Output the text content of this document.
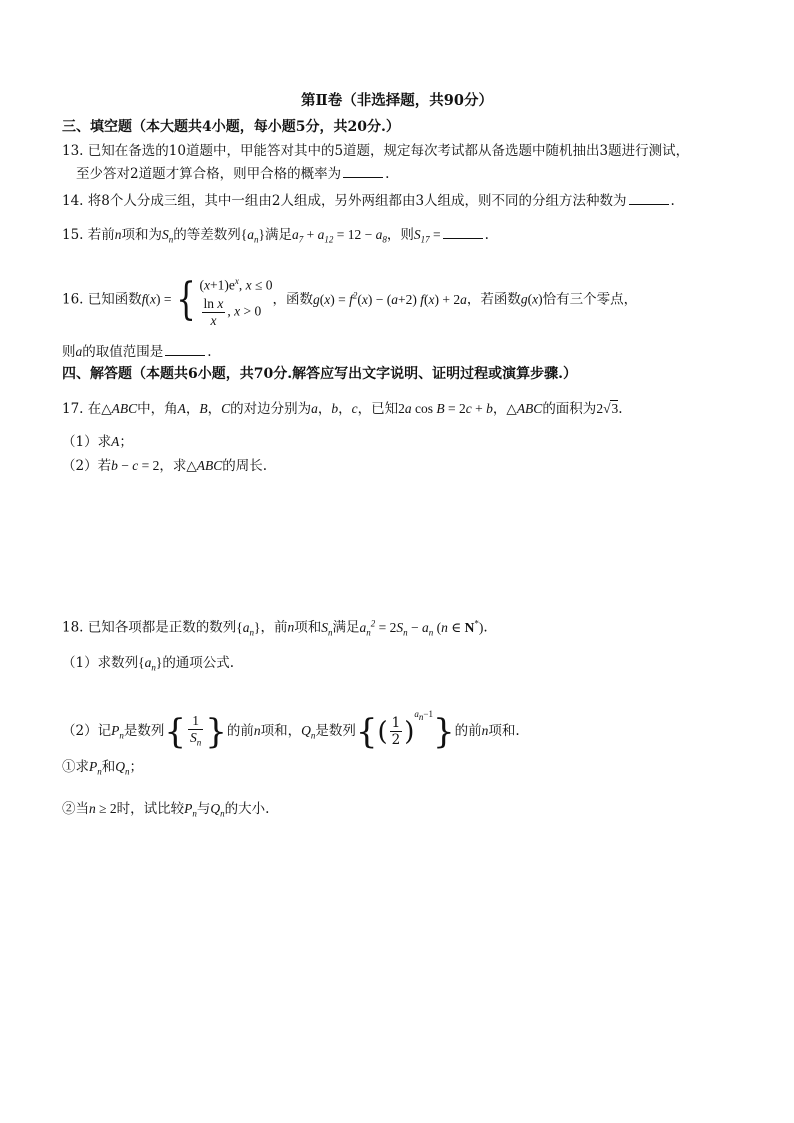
第Ⅱ卷（非选择题，共90分）
三、填空题（本大题共4小题，每小题5分，共20分.）
13. 已知在备选的10道题中，甲能答对其中的5道题，规定每次考试都从备选题中随机抽出3题进行测试，
至少答对2道题才算合格，则甲合格的概率为	.
14. 将8个人分成三组，其中一组由2人组成，另外两组都由3人组成，则不同的分组方法种数为	.
15. 若前n项和为$S_n$的等差数列$\{a_n\}$满足$a_7 + a_{12} = 12 - a_8$，则$S_{17}$ =	.
16. 已知函数f(x) ={ $(x+1)e^x$, x ≤ 0
$\frac{\text{ln x}}{x}$ , x > 0
，函数$g(x) = f^2(x) - (a+2) f(x) + 2a$，若函数g(x)恰有三个零点，
则a的取值范围是	.
四、解答题（本题共6小题，共70分.解答应写出文字说明、证明过程或演算步骤.）
17. 在△ABC中，角A，B，C的对边分别为a，b，c，已知2a cos B = 2c + b，△ABC的面积为2√3.
（1）求A；
（2）若b − c = 2，求△ABC的周长.
18. 已知各项都是正数的数列$\{a_n\}$，前n项和$S_n$满足$a_n^2 = 2S_n - a_n$ (n ∈ N*).
（1）求数列$\{a_n\}$的通项公式.
（2）记$P_n$是数列{ $\frac{1}{S_n}$ }的前n项和，$Q_n$是数列{( $\frac{1}{2} )^{a_n-1}$}的前n项和.
①求$P_n$和$Q_n$；
②当n ≥ 2时，试比较$P_n$与$Q_n$的大小.
